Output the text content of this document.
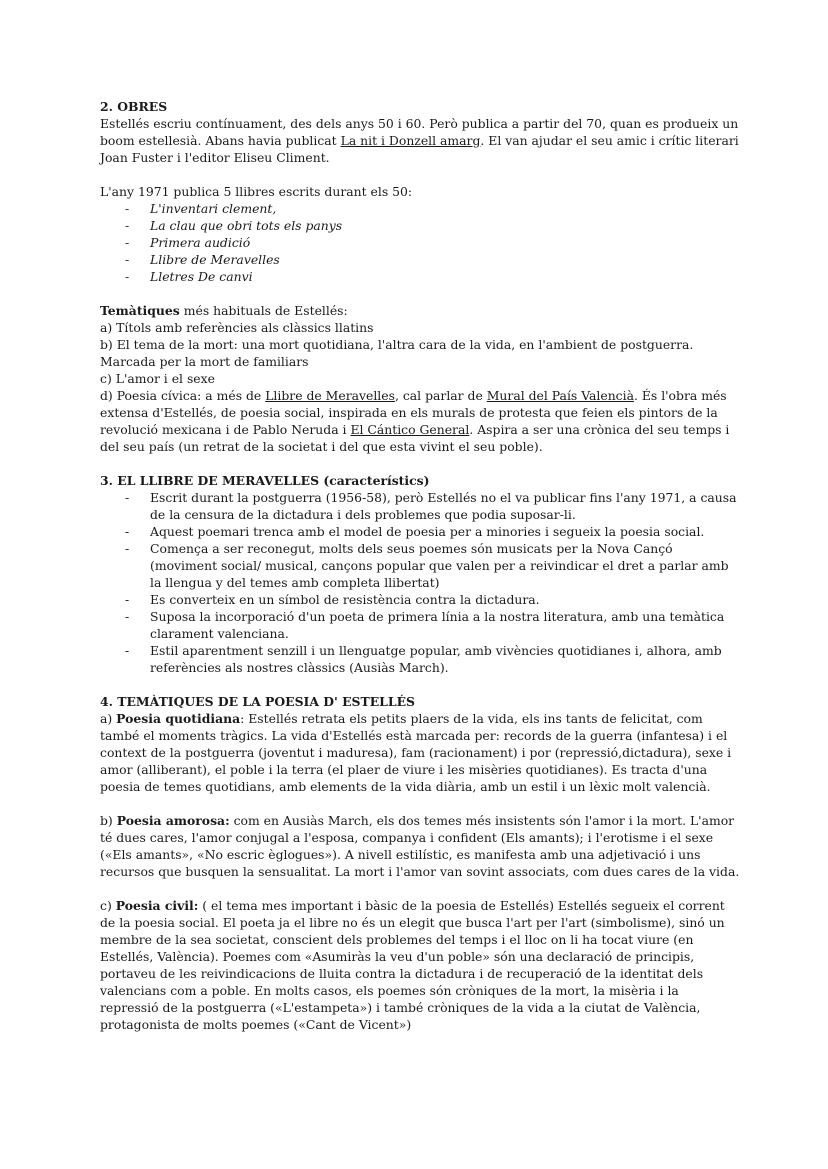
2. OBRES

Estellés escriu contínuament, des dels anys 50 i 60. Però publica a partir del 70, quan es produeix un boom estellesià. Abans havia publicat La nit i Donzell amarg. El van ajudar el seu amic i crític literari Joan Fuster i l'editor Eliseu Climent.

L'any 1971 publica 5 llibres escrits durant els 50:

- L'inventari clement,
- La clau que obri tots els panys
- Primera audició
- Llibre de Meravelles
- Lletres De canvi

Temàtiques més habituals de Estellés:

a) Títols amb referències als clàssics llatins

b) El tema de la mort: una mort quotidiana, l'altra cara de la vida, en l'ambient de postguerra. Marcada per la mort de familiars

c) L'amor i el sexe

d) Poesia cívica: a més de Llibre de Meravelles, cal parlar de Mural del País Valencià. És l'obra més extensa d'Estellés, de poesia social, inspirada en els murals de protesta que feien els pintors de la revolució mexicana i de Pablo Neruda i El Cántico General. Aspira a ser una crònica del seu temps i del seu país (un retrat de la societat i del que esta vivint el seu poble).

3. EL LLIBRE DE MERAVELLES (característics)

- Escrit durant la postguerra (1956-58), però Estellés no el va publicar fins l'any 1971, a causa de la censura de la dictadura i dels problemes que podia suposar-li.
- Aquest poemari trenca amb el model de poesia per a minories i segueix la poesia social.
- Comença a ser reconegut, molts dels seus poemes són musicats per la Nova Cançó (moviment social/ musical, cançons popular que valen per a reivindicar el dret a parlar amb la llengua y del temes amb completa llibertat)
- Es converteix en un símbol de resistència contra la dictadura.
- Suposa la incorporació d'un poeta de primera línia a la nostra literatura, amb una temàtica clarament valenciana.
- Estil aparentment senzill i un llenguatge popular, amb vivències quotidianes i, alhora, amb referències als nostres clàssics (Ausiàs March).

4. TEMÀTIQUES DE LA POESIA D' ESTELLÉS

a) Poesia quotidiana: Estellés retrata els petits plaers de la vida, els ins tants de felicitat, com també el moments tràgics. La vida d'Estellés està marcada per: records de la guerra (infantesa) i el context de la postguerra (joventut i maduresa), fam (racionament) i por (repressió,dictadura), sexe i amor (alliberant), el poble i la terra (el plaer de viure i les misèries quotidianes). Es tracta d'una poesia de temes quotidians, amb elements de la vida diària, amb un estil i un lèxic molt valencià.

b) Poesia amorosa: com en Ausiàs March, els dos temes més insistents són l'amor i la mort. L'amor té dues cares, l'amor conjugal a l'esposa, companya i confident (Els amants); i l'erotisme i el sexe («Els amants», «No escric èglogues»). A nivell estilístic, es manifesta amb una adjetivació i uns recursos que busquen la sensualitat. La mort i l'amor van sovint associats, com dues cares de la vida.

c) Poesia civil: ( el tema mes important i bàsic de la poesia de Estellés) Estellés segueix el corrent de la poesia social. El poeta ja el libre no és un elegit que busca l'art per l'art (simbolisme), sinó un membre de la sea societat, conscient dels problemes del temps i el lloc on li ha tocat viure (en Estellés, València). Poemes com «Asumiràs la veu d'un poble» són una declaració de principis, portaveu de les reivindicacions de lluita contra la dictadura i de recuperació de la identitat dels valencians com a poble. En molts casos, els poemes són cròniques de la mort, la misèria i la repressió de la postguerra («L'estampeta») i també cròniques de la vida a la ciutat de València, protagonista de molts poemes («Cant de Vicent»)
